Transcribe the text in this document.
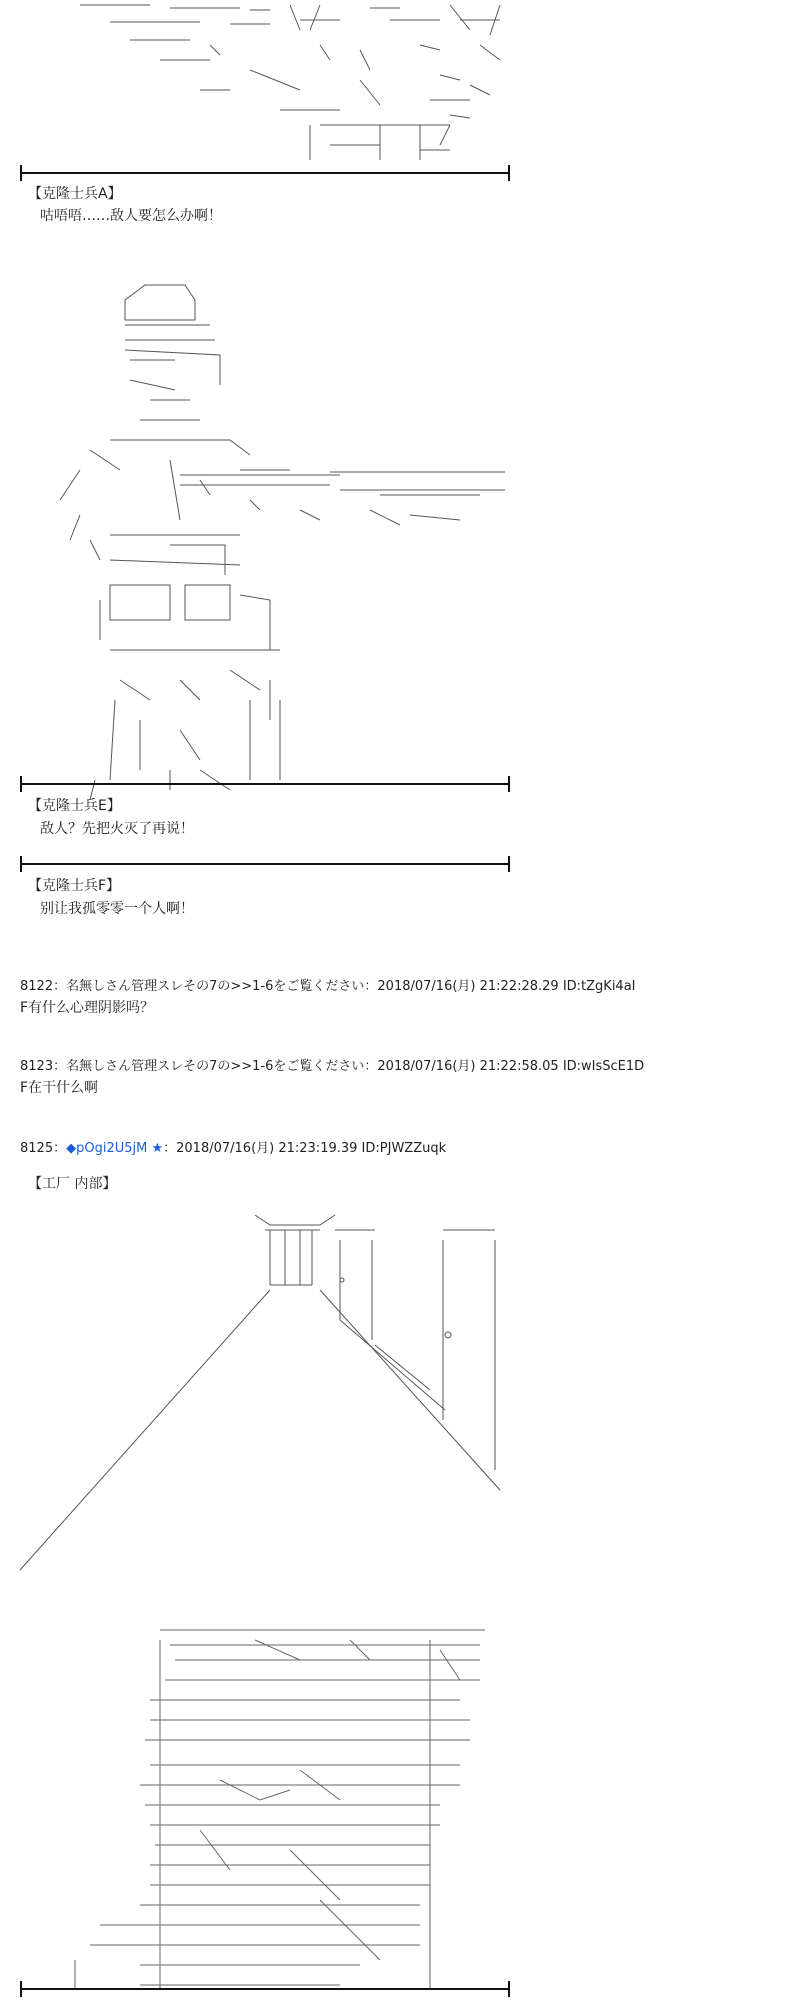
【克隆士兵A】
咕唔唔……敌人要怎么办啊！
【克隆士兵E】
敌人？先把火灭了再说！
【克隆士兵F】
别让我孤零零一个人啊！
8122：名無しさん管理スレその7の>>1-6をご覧ください：2018/07/16(月) 21:22:28.29 ID:tZgKi4aI
F有什么心理阴影吗？
8123：名無しさん管理スレその7の>>1-6をご覧ください：2018/07/16(月) 21:22:58.05 ID:wIsScE1D
F在干什么啊
8125：◆pOgi2U5jM ★：2018/07/16(月) 21:23:19.39 ID:PJWZZuqk
【工厂 内部】
